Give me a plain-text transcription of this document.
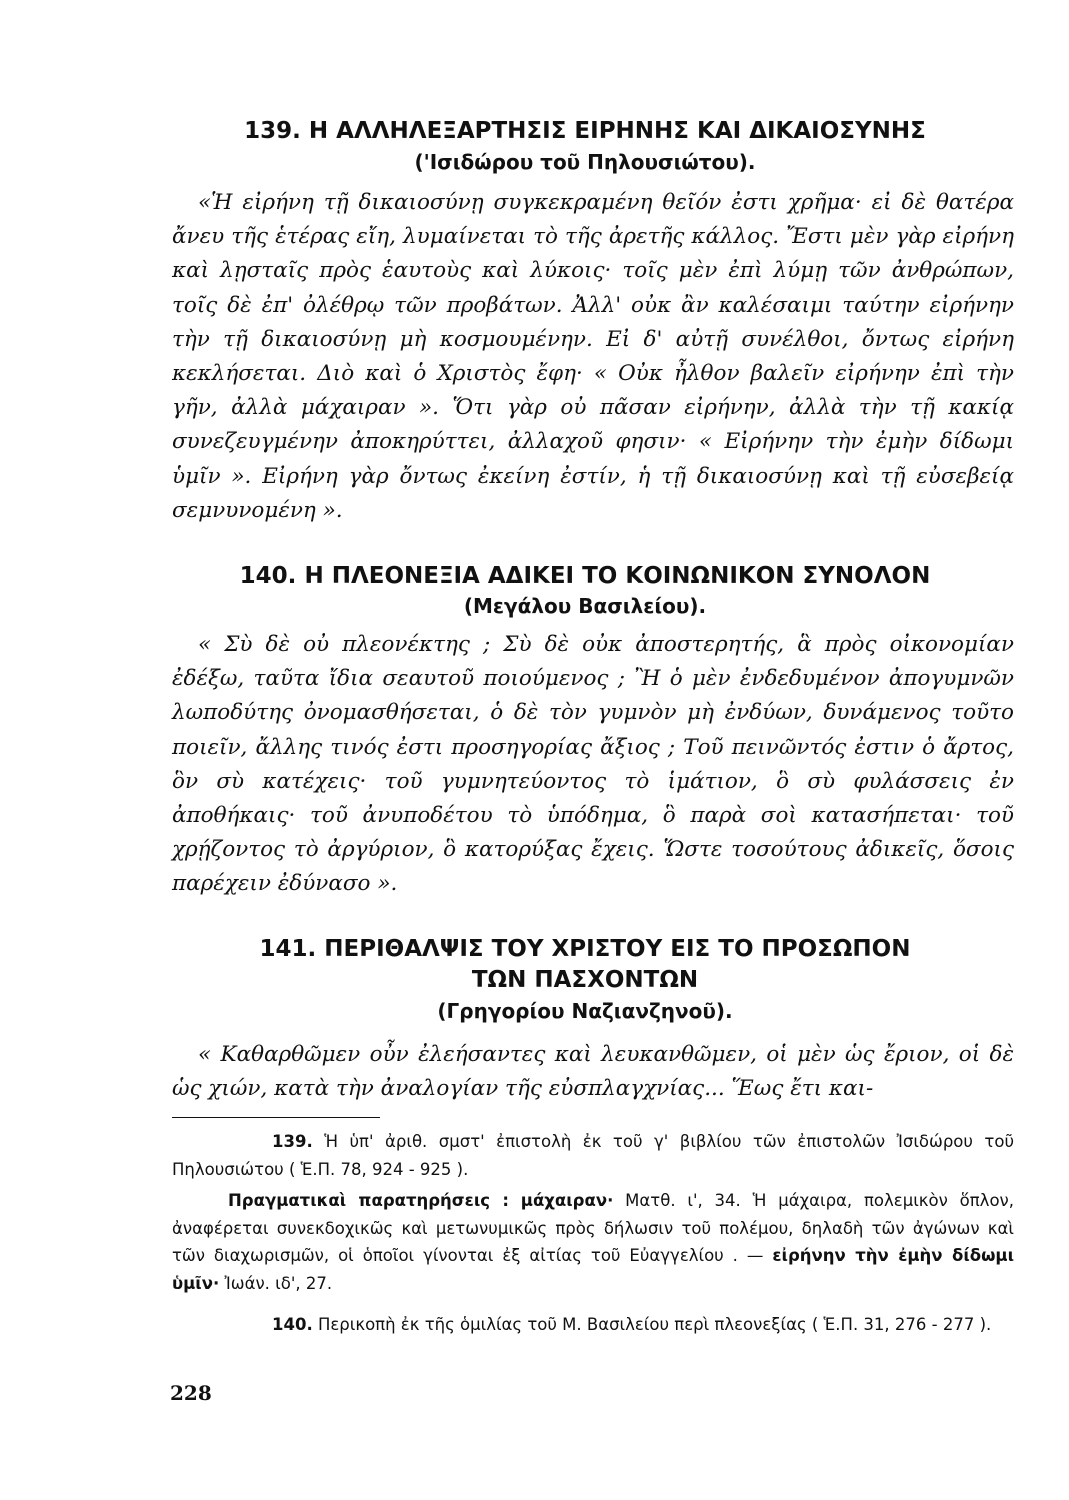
139. Η ΑΛΛΗΛΕΞΑΡΤΗΣΙΣ ΕΙΡΗΝΗΣ ΚΑΙ ΔΙΚΑΙΟΣΥΝΗΣ
('Ισιδώρου τοῦ Πηλουσιώτου).

«Ἡ εἰρήνη τῇ δικαιοσύνῃ συγκεκραμένη θεῖόν ἐστι χρῆμα· εἰ δὲ θατέρα ἄνευ τῆς ἑτέρας εἴη, λυμαίνεται τὸ τῆς ἀρετῆς κάλλος. Ἔστι μὲν γὰρ εἰρήνη καὶ λῃσταῖς πρὸς ἑαυτοὺς καὶ λύκοις· τοῖς μὲν ἐπὶ λύμῃ τῶν ἀνθρώπων, τοῖς δὲ ἐπ' ὀλέθρῳ τῶν προβάτων. Ἀλλ' οὐκ ἂν καλέσαιμι ταύτην εἰρήνην τὴν τῇ δικαιοσύνῃ μὴ κοσμουμένην. Εἰ δ' αὐτῇ συνέλθοι, ὄντως εἰρήνη κεκλήσεται. Διὸ καὶ ὁ Χριστὸς ἔφη· « Οὐκ ἦλθον βαλεῖν εἰρήνην ἐπὶ τὴν γῆν, ἀλλὰ μάχαιραν ». Ὅτι γὰρ οὐ πᾶσαν εἰρήνην, ἀλλὰ τὴν τῇ κακίᾳ συνεζευγμένην ἀποκηρύττει, ἀλλαχοῦ φησιν· « Εἰρήνην τὴν ἐμὴν δίδωμι ὑμῖν ». Εἰρήνη γὰρ ὄντως ἐκείνη ἐστίν, ἡ τῇ δικαιοσύνῃ καὶ τῇ εὐσεβείᾳ σεμνυνομένη ».

140. Η ΠΛΕΟΝΕΞΙΑ ΑΔΙΚΕΙ ΤΟ ΚΟΙΝΩΝΙΚΟΝ ΣΥΝΟΛΟΝ
(Μεγάλου Βασιλείου).

« Σὺ δὲ οὐ πλεονέκτης ; Σὺ δὲ οὐκ ἀποστερητής, ἃ πρὸς οἰκονομίαν ἐδέξω, ταῦτα ἴδια σεαυτοῦ ποιούμενος ; Ἢ ὁ μὲν ἐνδεδυμένον ἀπογυμνῶν λωποδύτης ὀνομασθήσεται, ὁ δὲ τὸν γυμνὸν μὴ ἐνδύων, δυνάμενος τοῦτο ποιεῖν, ἄλλης τινός ἐστι προσηγορίας ἄξιος ; Τοῦ πεινῶντός ἐστιν ὁ ἄρτος, ὃν σὺ κατέχεις· τοῦ γυμνητεύοντος τὸ ἱμάτιον, ὃ σὺ φυλάσσεις ἐν ἀποθήκαις· τοῦ ἀνυποδέτου τὸ ὑπόδημα, ὃ παρὰ σοὶ κατασήπεται· τοῦ χρῄζοντος τὸ ἀργύριον, ὃ κατορύξας ἔχεις. Ὥστε τοσούτους ἀδικεῖς, ὅσοις παρέχειν ἐδύνασο ».

141. ΠΕΡΙΘΑΛΨΙΣ ΤΟΥ ΧΡΙΣΤΟΥ ΕΙΣ ΤΟ ΠΡΟΣΩΠΟΝ
ΤΩΝ ΠΑΣΧΟΝΤΩΝ
(Γρηγορίου Ναζιανζηνοῦ).

« Καθαρθῶμεν οὖν ἐλεήσαντες καὶ λευκανθῶμεν, οἱ μὲν ὡς ἔριον, οἱ δὲ ὡς χιών, κατὰ τὴν ἀναλογίαν τῆς εὐσπλαγχνίας... Ἕως ἔτι και-

139. Ἡ ὑπ' ἀριθ. σμστ' ἐπιστολὴ ἐκ τοῦ γ' βιβλίου τῶν ἐπιστολῶν Ἰσιδώρου τοῦ Πηλουσιώτου ( Ἑ.Π. 78, 924 - 925 ).

Πραγματικαὶ παρατηρήσεις : μάχαιραν· Ματθ. ι', 34. Ἡ μάχαιρα, πολεμικὸν ὅπλον, ἀναφέρεται συνεκδοχικῶς καὶ μετωνυμικῶς πρὸς δήλωσιν τοῦ πολέμου, δηλαδὴ τῶν ἀγώνων καὶ τῶν διαχωρισμῶν, οἱ ὁποῖοι γίνονται ἐξ αἰτίας τοῦ Εὐαγγελίου . — εἰρήνην τὴν ἐμὴν δίδωμι ὑμῖν· Ἰωάν. ιδ', 27.

140. Περικοπὴ ἐκ τῆς ὁμιλίας τοῦ Μ. Βασιλείου περὶ πλεονεξίας ( Ἑ.Π. 31, 276 - 277 ).

228
